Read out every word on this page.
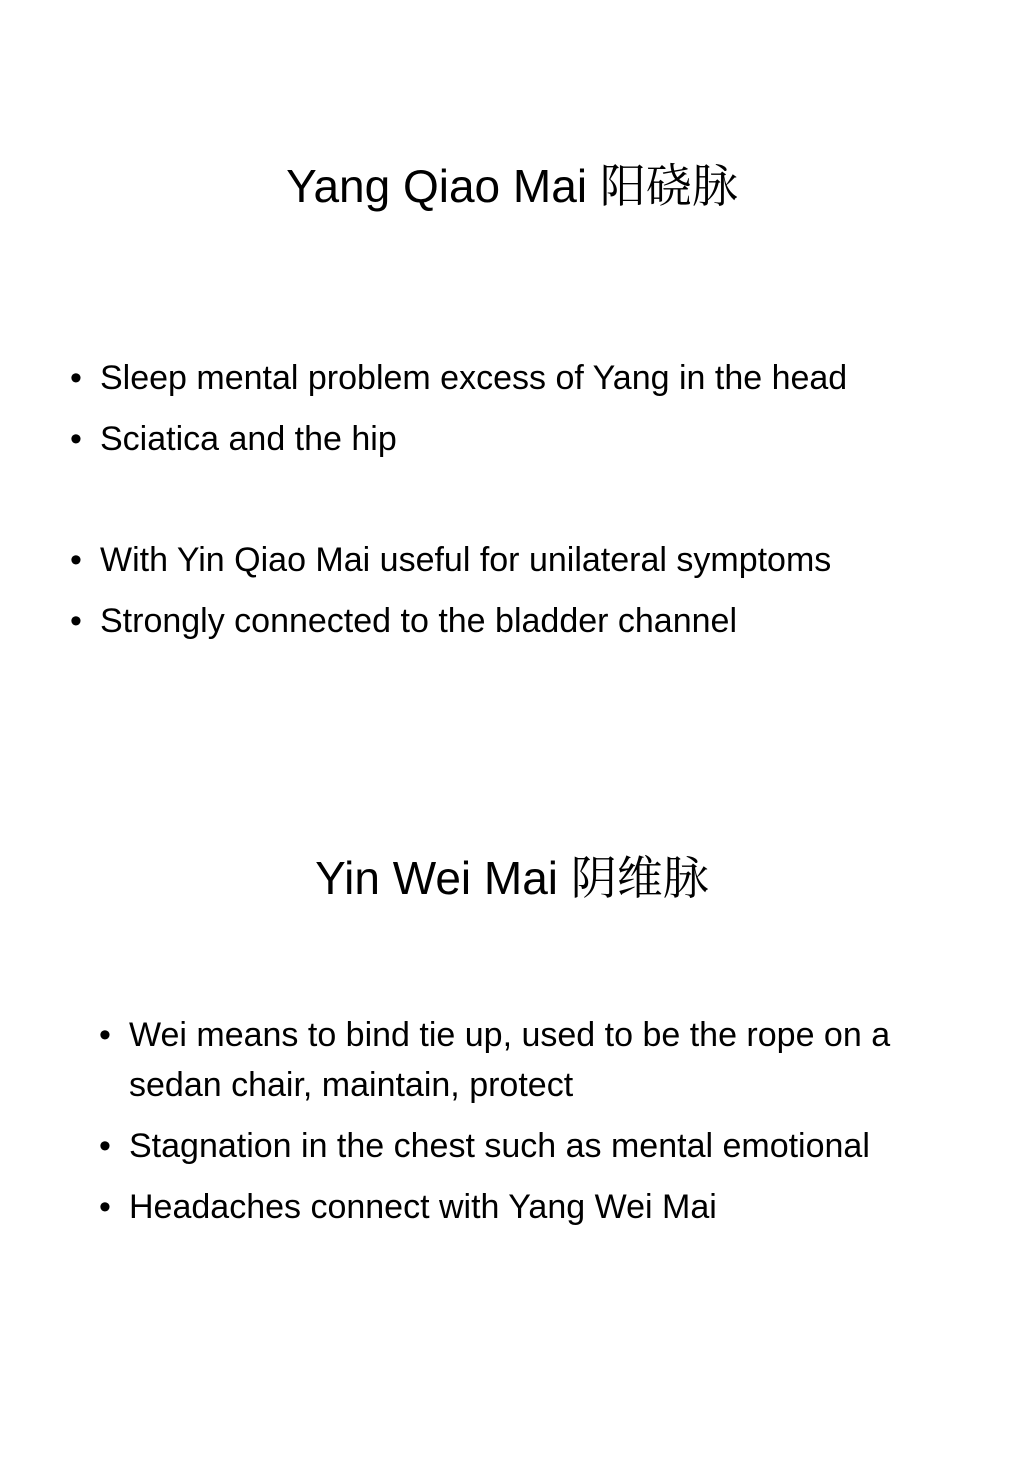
Yang Qiao Mai 阳硗脉
• Sleep mental problem excess of Yang in the head
• Sciatica and the hip
• With Yin Qiao Mai useful for unilateral symptoms
• Strongly connected to the bladder channel
Yin Wei Mai 阴维脉
• Wei means to bind tie up, used to be the rope on a sedan chair, maintain, protect
• Stagnation in the chest such as mental emotional
• Headaches connect with Yang Wei Mai
